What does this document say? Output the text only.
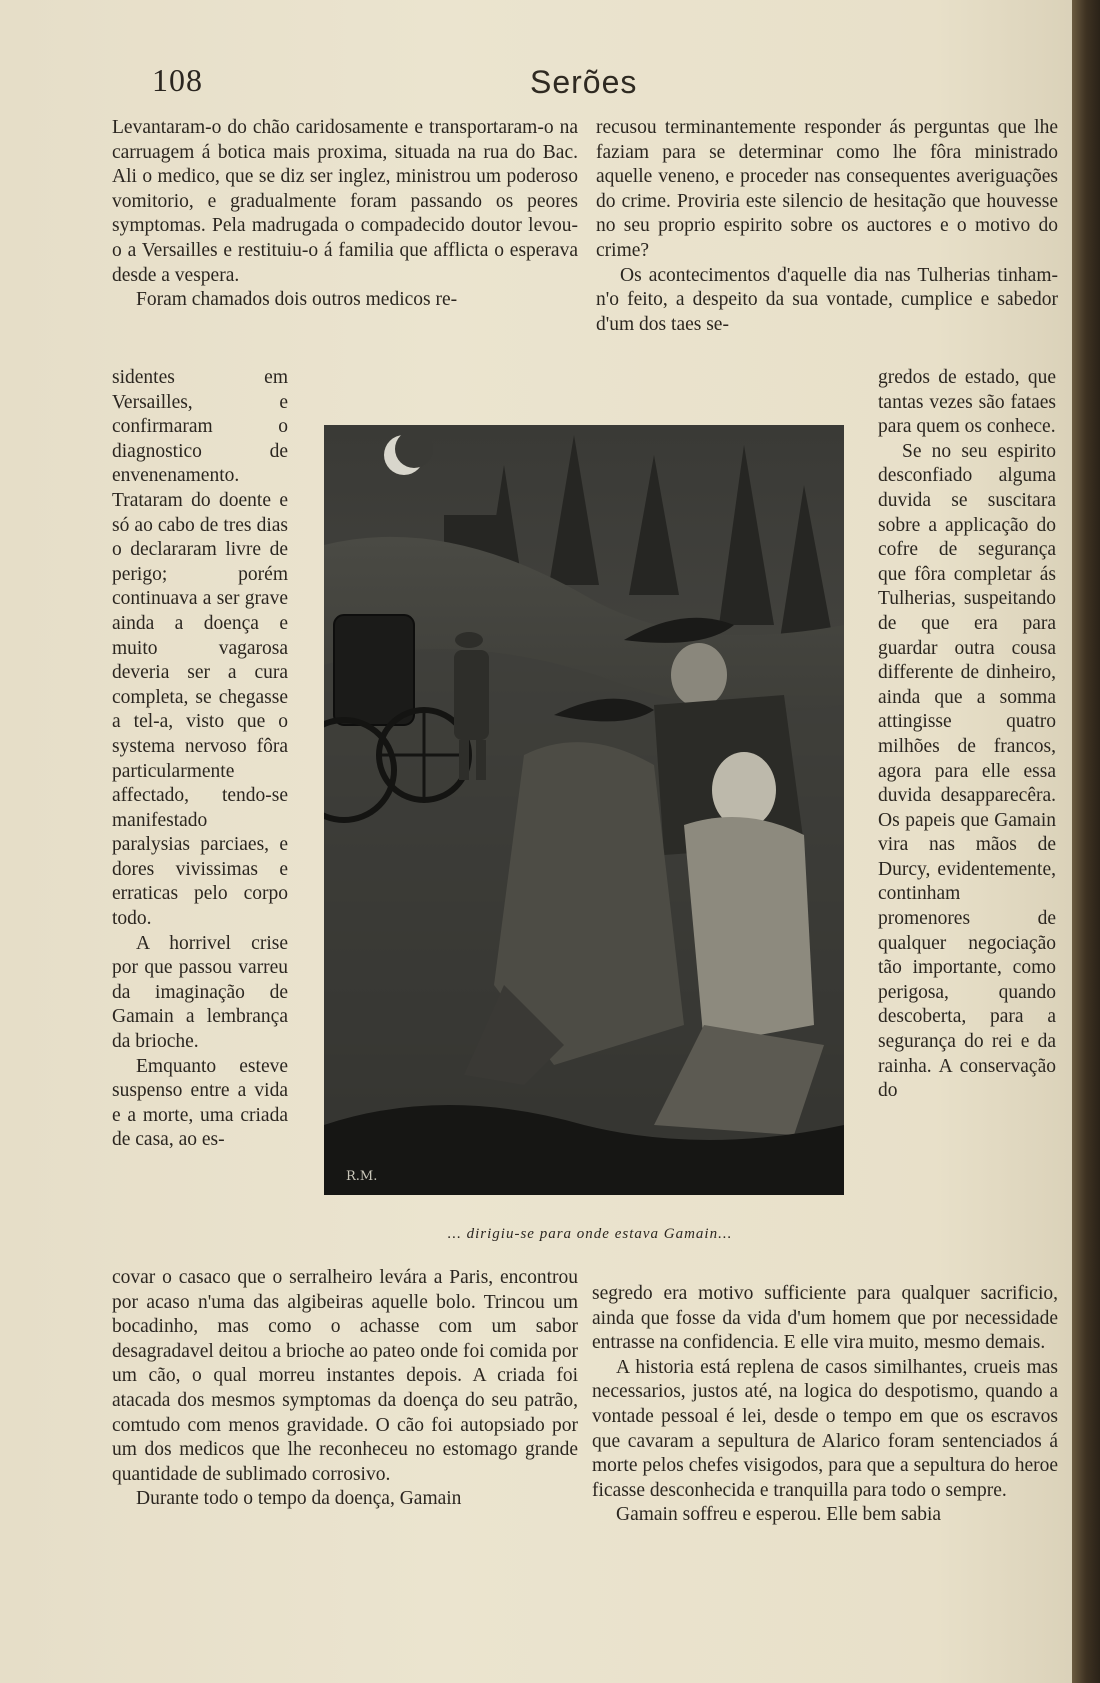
108	Serões

Levantaram-o do chão caridosamente e transportaram-o na carruagem á botica mais proxima, situada na rua do Bac. Ali o medico, que se diz ser inglez, ministrou um poderoso vomitorio, e gradualmente foram passando os peores symptomas. Pela madrugada o compadecido doutor levou-o a Versailles e restituiu-o á familia que afflicta o esperava desde a vespera.

Foram chamados dois outros medicos re-

sidentes em Versailles, e confirmaram o diagnostico de envenenamento. Trataram do doente e só ao cabo de tres dias o declararam livre de perigo; porém continuava a ser grave ainda a doença e muito vagarosa deveria ser a cura completa, se chegasse a tel-a, visto que o systema nervoso fôra particularmente affectado, tendo-se manifestado paralysias parciaes, e dores vivissimas e erraticas pelo corpo todo.

A horrivel crise por que passou varreu da imaginação de Gamain a lembrança da brioche.

Emquanto esteve suspenso entre a vida e a morte, uma criada de casa, ao es-

covar o casaco que o serralheiro levára a Paris, encontrou por acaso n'uma das algibeiras aquelle bolo. Trincou um bocadinho, mas como o achasse com um sabor desagradavel deitou a brioche ao pateo onde foi comida por um cão, o qual morreu instantes depois. A criada foi atacada dos mesmos symptomas da doença do seu patrão, comtudo com menos gravidade. O cão foi autopsiado por um dos medicos que lhe reconheceu no estomago grande quantidade de sublimado corrosivo.

Durante todo o tempo da doença, Gamain

recusou terminantemente responder ás perguntas que lhe faziam para se determinar como lhe fôra ministrado aquelle veneno, e proceder nas consequentes averiguações do crime. Proviria este silencio de hesitação que houvesse no seu proprio espirito sobre os auctores e o motivo do crime?

Os acontecimentos d'aquelle dia nas Tulherias tinham-n'o feito, a despeito da sua vontade, cumplice e sabedor d'um dos taes se-

gredos de estado, que tantas vezes são fataes para quem os conhece.

Se no seu espirito desconfiado alguma duvida se suscitara sobre a applicação do cofre de segurança que fôra completar ás Tulherias, suspeitando de que era para guardar outra cousa differente de dinheiro, ainda que a somma attingisse quatro milhões de francos, agora para elle essa duvida desapparecêra. Os papeis que Gamain vira nas mãos de Durcy, evidentemente, continham promenores de qualquer negociação tão importante, como perigosa, quando descoberta, para a segurança do rei e da rainha. A conservação do

segredo era motivo sufficiente para qualquer sacrificio, ainda que fosse da vida d'um homem que por necessidade entrasse na confidencia. E elle vira muito, mesmo demais.

A historia está replena de casos similhantes, crueis mas necessarios, justos até, na logica do despotismo, quando a vontade pessoal é lei, desde o tempo em que os escravos que cavaram a sepultura de Alarico foram sentenciados á morte pelos chefes visigodos, para que a sepultura do heroe ficasse desconhecida e tranquilla para todo o sempre.

Gamain soffreu e esperou. Elle bem sabia

R.M.
... dirigiu-se para onde estava Gamain...
